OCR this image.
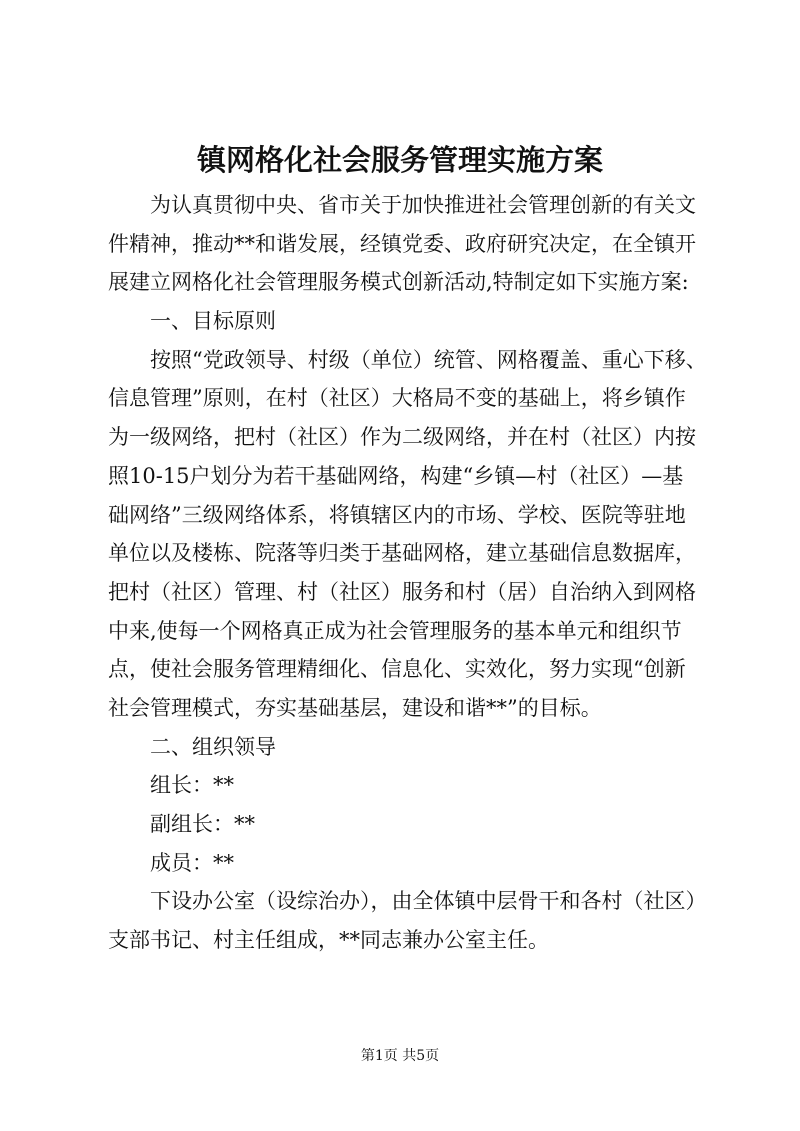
镇网格化社会服务管理实施方案
为认真贯彻中央、省市关于加快推进社会管理创新的有关文
件精神，推动**和谐发展，经镇党委、政府研究决定，在全镇开
展建立网格化社会管理服务模式创新活动,特制定如下实施方案:
一、目标原则
按照“党政领导、村级（单位）统管、网格覆盖、重心下移、
信息管理”原则，在村（社区）大格局不变的基础上，将乡镇作
为一级网络，把村（社区）作为二级网络，并在村（社区）内按
照10-15户划分为若干基础网络，构建“乡镇—村（社区）—基
础网络”三级网络体系，将镇辖区内的市场、学校、医院等驻地
单位以及楼栋、院落等归类于基础网格，建立基础信息数据库，
把村（社区）管理、村（社区）服务和村（居）自治纳入到网格
中来,使每一个网格真正成为社会管理服务的基本单元和组织节
点，使社会服务管理精细化、信息化、实效化，努力实现“创新
社会管理模式，夯实基础基层，建设和谐**”的目标。
二、组织领导
组长：**
副组长：**
成员：**
下设办公室（设综治办），由全体镇中层骨干和各村（社区）
支部书记、村主任组成，**同志兼办公室主任。
第1页 共5页
